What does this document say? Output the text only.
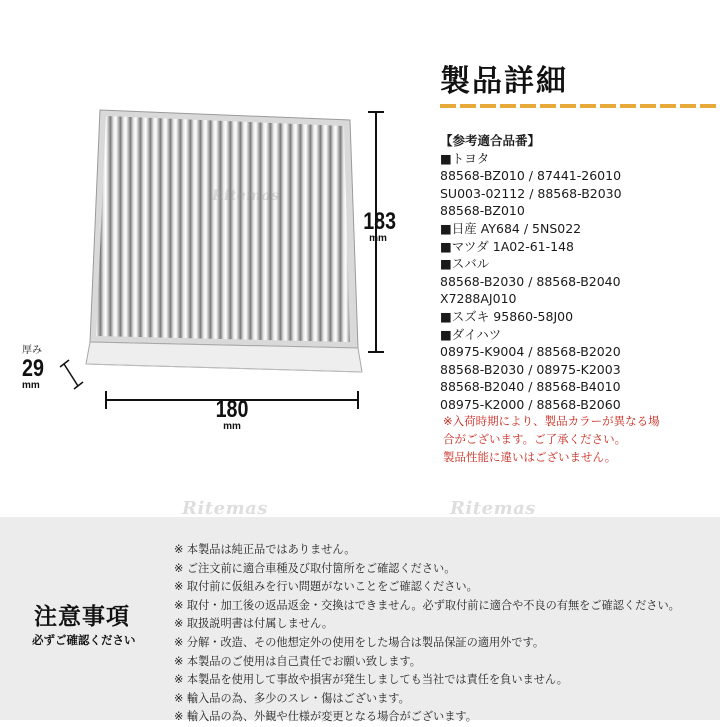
Ritemas
Ritemas	Ritemas
183
mm
180
mm
厚み
29
mm
製品詳細
【参考適合品番】
■トヨタ
88568-BZ010 / 87441-26010
SU003-02112 / 88568-B2030
88568-BZ010
■日産 AY684 / 5NS022
■マツダ 1A02-61-148
■スバル
88568-B2030 / 88568-B2040
X7288AJ010
■スズキ 95860-58J00
■ダイハツ
08975-K9004 / 88568-B2020
88568-B2030 / 08975-K2003
88568-B2040 / 88568-B4010
08975-K2000 / 88568-B2060
※入荷時期により、製品カラーが異なる場
合がございます。ご了承ください。
製品性能に違いはございません。
注意事項
必ずご確認ください
※ 本製品は純正品ではありません。
※ ご注文前に適合車種及び取付箇所をご確認ください。
※ 取付前に仮組みを行い問題がないことをご確認ください。
※ 取付・加工後の返品返金・交換はできません。必ず取付前に適合や不良の有無をご確認ください。
※ 取扱説明書は付属しません。
※ 分解・改造、その他想定外の使用をした場合は製品保証の適用外です。
※ 本製品のご使用は自己責任でお願い致します。
※ 本製品を使用して事故や損害が発生しましても当社では責任を負いません。
※ 輸入品の為、多少のスレ・傷はございます。
※ 輸入品の為、外観や仕様が変更となる場合がございます。
